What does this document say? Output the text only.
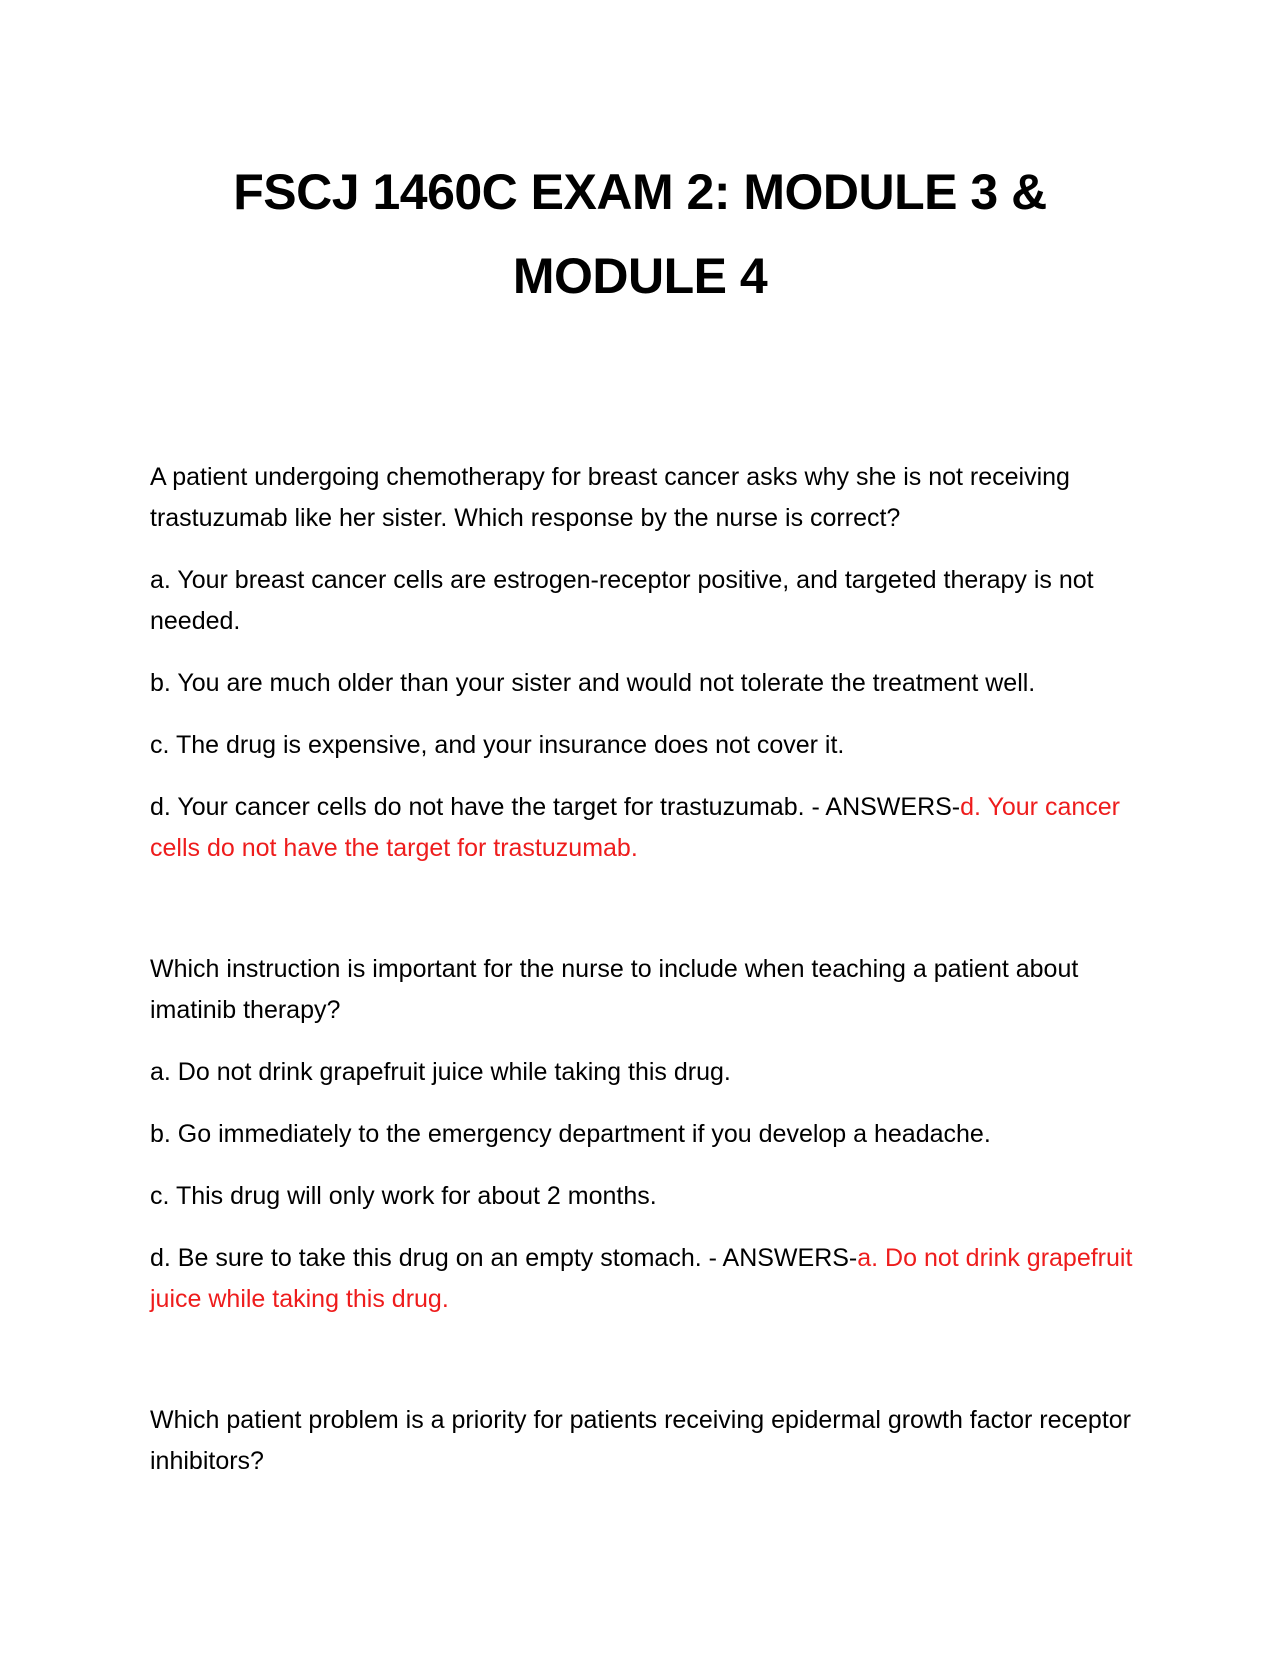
FSCJ 1460C EXAM 2: MODULE 3 & MODULE 4

A patient undergoing chemotherapy for breast cancer asks why she is not receiving trastuzumab like her sister. Which response by the nurse is correct?

a. Your breast cancer cells are estrogen-receptor positive, and targeted therapy is not needed.

b. You are much older than your sister and would not tolerate the treatment well.

c. The drug is expensive, and your insurance does not cover it.

d. Your cancer cells do not have the target for trastuzumab. - ANSWERS-d. Your cancer cells do not have the target for trastuzumab.

Which instruction is important for the nurse to include when teaching a patient about imatinib therapy?

a. Do not drink grapefruit juice while taking this drug.

b. Go immediately to the emergency department if you develop a headache.

c. This drug will only work for about 2 months.

d. Be sure to take this drug on an empty stomach. - ANSWERS-a. Do not drink grapefruit juice while taking this drug.

Which patient problem is a priority for patients receiving epidermal growth factor receptor inhibitors?
